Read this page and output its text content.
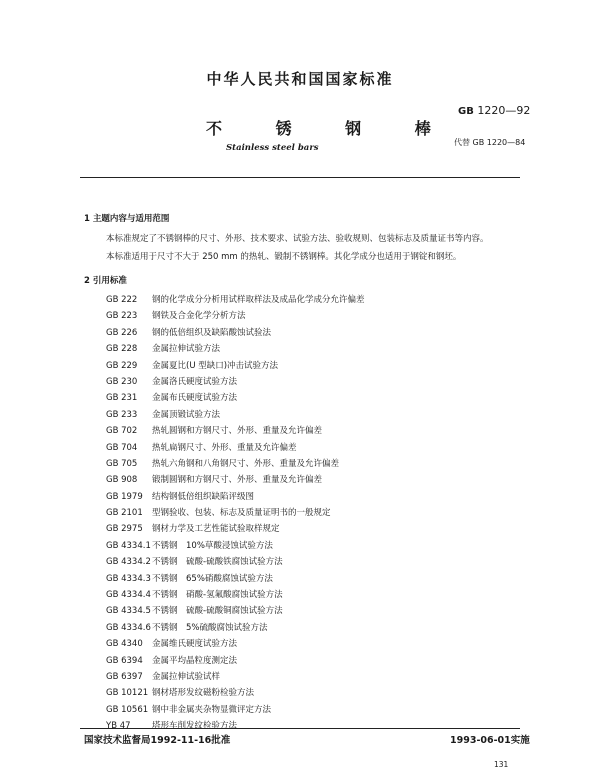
中华人民共和国国家标准
GB 1220—92
不 锈 钢 棒
代替 GB 1220—84
Stainless steel bars
1 主题内容与适用范围
本标准规定了不锈钢棒的尺寸、外形、技术要求、试验方法、验收规则、包装标志及质量证书等内容。
本标准适用于尺寸不大于 250 mm 的热轧、锻制不锈钢棒。其化学成分也适用于钢锭和钢坯。
2 引用标准
GB 222 钢的化学成分分析用试样取样法及成品化学成分允许偏差
GB 223 钢铁及合金化学分析方法
GB 226 钢的低倍组织及缺陷酸蚀试验法
GB 228 金属拉伸试验方法
GB 229 金属夏比(U 型缺口)冲击试验方法
GB 230 金属洛氏硬度试验方法
GB 231 金属布氏硬度试验方法
GB 233 金属顶锻试验方法
GB 702 热轧圆钢和方钢尺寸、外形、重量及允许偏差
GB 704 热轧扁钢尺寸、外形、重量及允许偏差
GB 705 热轧六角钢和八角钢尺寸、外形、重量及允许偏差
GB 908 锻制圆钢和方钢尺寸、外形、重量及允许偏差
GB 1979 结构钢低倍组织缺陷评级图
GB 2101 型钢验收、包装、标志及质量证明书的一般规定
GB 2975 钢材力学及工艺性能试验取样规定
GB 4334.1不锈钢　10%草酸浸蚀试验方法
GB 4334.2不锈钢　硫酸-硫酸铁腐蚀试验方法
GB 4334.3不锈钢　65%硝酸腐蚀试验方法
GB 4334.4不锈钢　硝酸-氢氟酸腐蚀试验方法
GB 4334.5不锈钢　硫酸-硫酸铜腐蚀试验方法
GB 4334.6不锈钢　5%硫酸腐蚀试验方法
GB 4340 金属维氏硬度试验方法
GB 6394 金属平均晶粒度测定法
GB 6397 金属拉伸试验试样
GB 10121 钢材塔形发纹磁粉检验方法
GB 10561 钢中非金属夹杂物显微评定方法
YB 47	塔形车削发纹检验方法
国家技术监督局1992-11-16批准	1993-06-01实施
131
